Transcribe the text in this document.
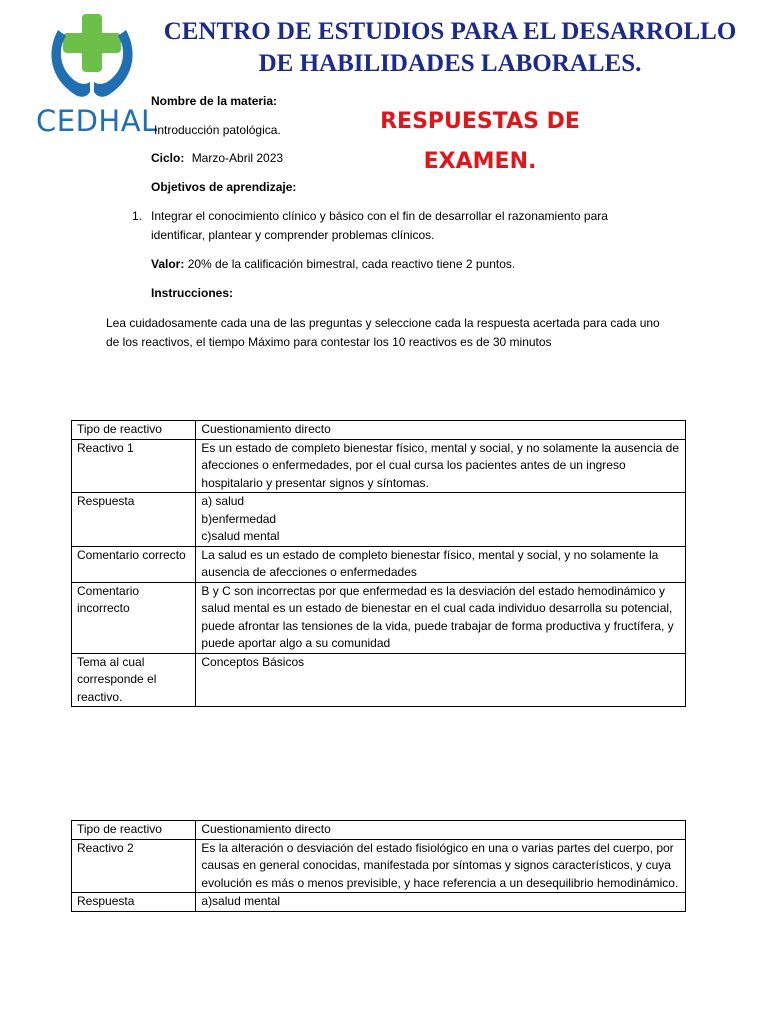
CEDHAL
CENTRO DE ESTUDIOS PARA EL DESARROLLO
DE HABILIDADES LABORALES.
RESPUESTAS DE
EXAMEN.
Nombre de la materia:
Introducción patológica.
Ciclo: Marzo-Abril 2023
Objetivos de aprendizaje:
1. Integrar el conocimiento clínico y básico con el fin de desarrollar el razonamiento para identificar, plantear y comprender problemas clínicos.
Valor: 20% de la calificación bimestral, cada reactivo tiene 2 puntos.
Instrucciones:
Lea cuidadosamente cada una de las preguntas y seleccione cada la respuesta acertada para cada uno de los reactivos, el tiempo Máximo para contestar los 10 reactivos es de 30 minutos
Tipo de reactivo	Cuestionamiento directo
Reactivo 1	Es un estado de completo bienestar físico, mental y social, y no solamente la ausencia de afecciones o enfermedades, por el cual cursa los pacientes antes de un ingreso hospitalario y presentar signos y síntomas.
Respuesta	a) salud
b)enfermedad
c)salud mental

Comentario correcto	La salud es un estado de completo bienestar físico, mental y social, y no solamente la ausencia de afecciones o enfermedades
Comentario incorrecto	B y C son incorrectas por que enfermedad es la desviación del estado hemodinámico y salud mental es un estado de bienestar en el cual cada individuo desarrolla su potencial, puede afrontar las tensiones de la vida, puede trabajar de forma productiva y fructífera, y puede aportar algo a su comunidad
Tema al cual corresponde el reactivo.	Conceptos Básicos
Tipo de reactivo	Cuestionamiento directo
Reactivo 2	Es la alteración o desviación del estado fisiológico en una o varias partes del cuerpo, por causas en general conocidas, manifestada por síntomas y signos característicos, y cuya evolución es más o menos previsible, y hace referencia a un desequilibrio hemodinámico.
Respuesta	a)salud mental
